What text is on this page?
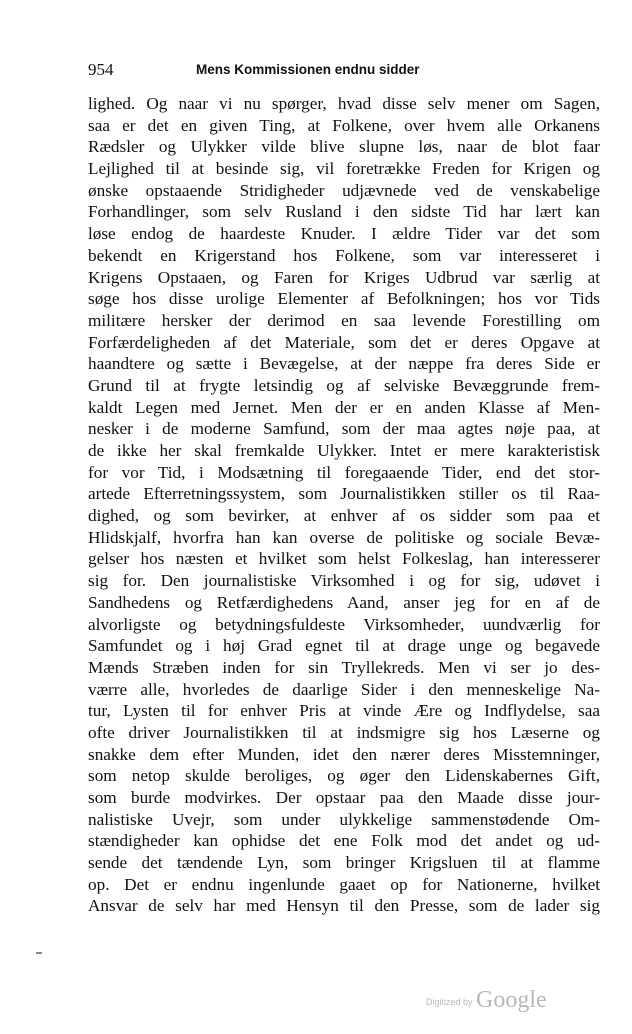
954	Mens Kommissionen endnu sidder
lighed. Og naar vi nu spørger, hvad disse selv mener om Sagen,
saa er det en given Ting, at Folkene, over hvem alle Orkanens
Rædsler og Ulykker vilde blive slupne løs, naar de blot faar
Lejlighed til at besinde sig, vil foretrække Freden for Krigen og
ønske opstaaende Stridigheder udjævnede ved de venskabelige
Forhandlinger, som selv Rusland i den sidste Tid har lært kan
løse endog de haardeste Knuder. I ældre Tider var det som
bekendt en Krigerstand hos Folkene, som var interesseret i
Krigens Opstaaen, og Faren for Kriges Udbrud var særlig at
søge hos disse urolige Elementer af Befolkningen; hos vor Tids
militære hersker der derimod en saa levende Forestilling om
Forfærdeligheden af det Materiale, som det er deres Opgave at
haandtere og sætte i Bevægelse, at der næppe fra deres Side er
Grund til at frygte letsindig og af selviske Bevæggrunde frem-
kaldt Legen med Jernet. Men der er en anden Klasse af Men-
nesker i de moderne Samfund, som der maa agtes nøje paa, at
de ikke her skal fremkalde Ulykker. Intet er mere karakteristisk
for vor Tid, i Modsætning til foregaaende Tider, end det stor-
artede Efterretningssystem, som Journalistikken stiller os til Raa-
dighed, og som bevirker, at enhver af os sidder som paa et
Hlidskjalf, hvorfra han kan overse de politiske og sociale Bevæ-
gelser hos næsten et hvilket som helst Folkeslag, han interesserer
sig for. Den journalistiske Virksomhed i og for sig, udøvet i
Sandhedens og Retfærdighedens Aand, anser jeg for en af de
alvorligste og betydningsfuldeste Virksomheder, uundværlig for
Samfundet og i høj Grad egnet til at drage unge og begavede
Mænds Stræben inden for sin Tryllekreds. Men vi ser jo des-
værre alle, hvorledes de daarlige Sider i den menneskelige Na-
tur, Lysten til for enhver Pris at vinde Ære og Indflydelse, saa
ofte driver Journalistikken til at indsmigre sig hos Læserne og
snakke dem efter Munden, idet den nærer deres Misstemninger,
som netop skulde beroliges, og øger den Lidenskabernes Gift,
som burde modvirkes. Der opstaar paa den Maade disse jour-
nalistiske Uvejr, som under ulykkelige sammenstødende Om-
stændigheder kan ophidse det ene Folk mod det andet og ud-
sende det tændende Lyn, som bringer Krigsluen til at flamme
op. Det er endnu ingenlunde gaaet op for Nationerne, hvilket
Ansvar de selv har med Hensyn til den Presse, som de lader sig
Digitized by Google
